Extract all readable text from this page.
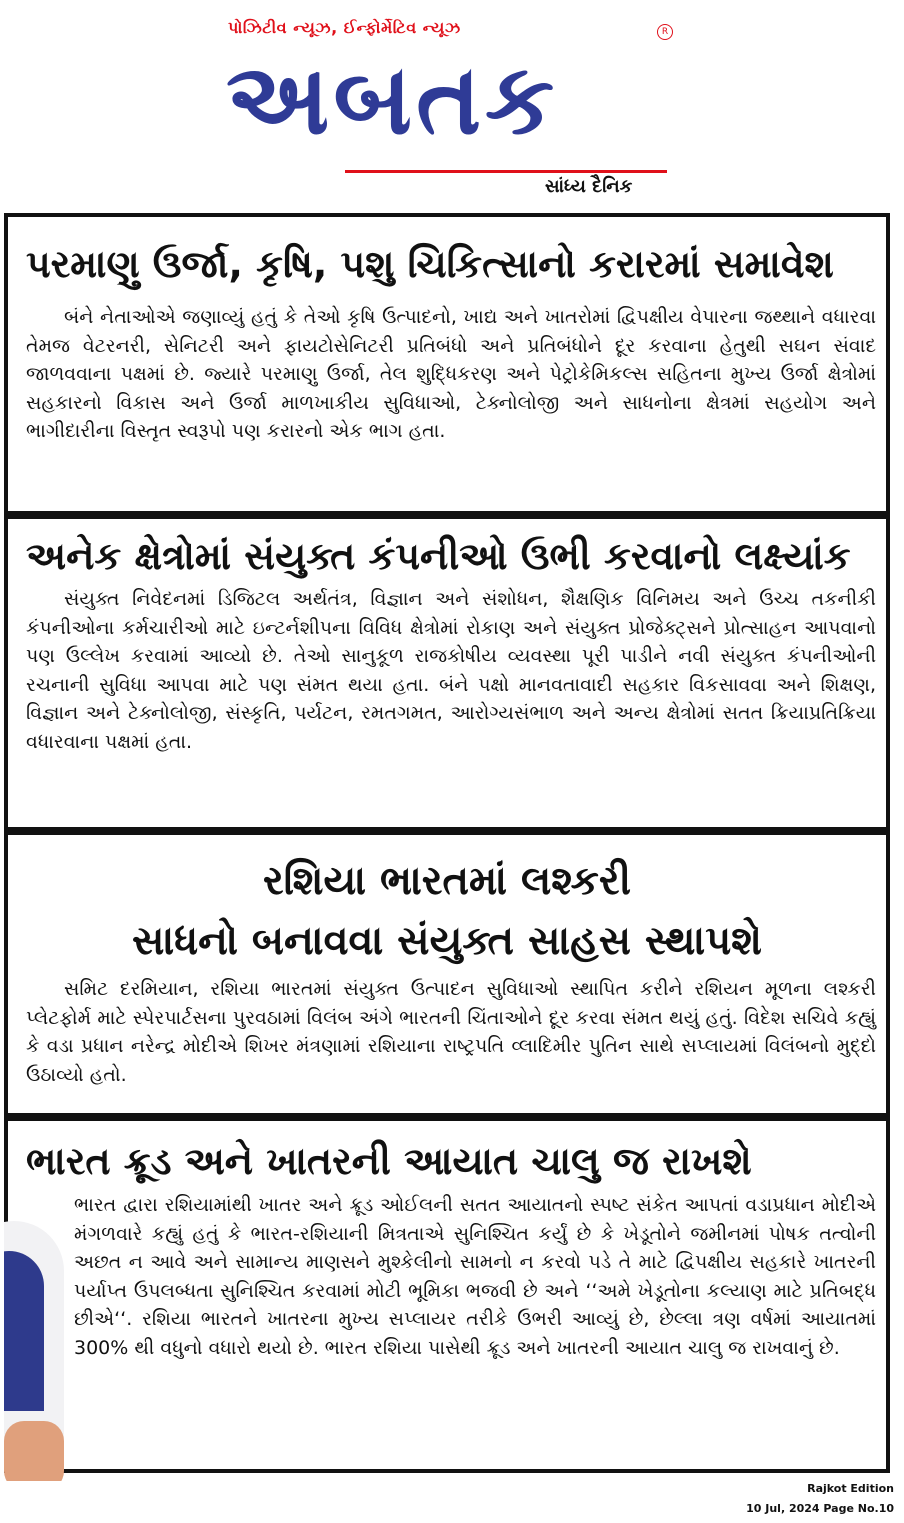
પોઝિટીવ ન્યૂઝ, ઈન્ફોર્મેટિવ ન્યૂઝ	R
અબતક
સાંધ્ય દૈનિક
પરમાણુ ઉર્જા, કૃષિ, પશુ ચિકિત્સાનો કરારમાં સમાવેશ
બંને નેતાઓએ જણાવ્યું હતું કે તેઓ કૃષિ ઉત્પાદનો, ખાદ્ય અને ખાતરોમાં દ્વિપક્ષીય વેપારના જથ્થાને વધારવા તેમજ વેટરનરી, સેનિટરી અને ફાયટોસેનિટરી પ્રતિબંધો અને પ્રતિબંધોને દૂર કરવાના હેતુથી સઘન સંવાદ જાળવવાના પક્ષમાં છે. જ્યારે પરમાણુ ઉર્જા, તેલ શુદ્ધિકરણ અને પેટ્રોકેમિકલ્સ સહિતના મુખ્ય ઉર્જા ક્ષેત્રોમાં સહકારનો વિકાસ અને ઉર્જા માળખાકીય સુવિધાઓ, ટેક્નોલોજી અને સાધનોના ક્ષેત્રમાં સહયોગ અને ભાગીદારીના વિસ્તૃત સ્વરૂપો પણ કરારનો એક ભાગ હતા.
અનેક ક્ષેત્રોમાં સંયુક્ત કંપનીઓ ઉભી કરવાનો લક્ષ્યાંક
સંયુક્ત નિવેદનમાં ડિજિટલ અર્થતંત્ર, વિજ્ઞાન અને સંશોધન, શૈક્ષણિક વિનિમય અને ઉચ્ચ તકનીકી કંપનીઓના કર્મચારીઓ માટે ઇન્ટર્નશીપના વિવિધ ક્ષેત્રોમાં રોકાણ અને સંયુક્ત પ્રોજેક્ટ્સને પ્રોત્સાહન આપવાનો પણ ઉલ્લેખ કરવામાં આવ્યો છે. તેઓ સાનુકૂળ રાજકોષીય વ્યવસ્થા પૂરી પાડીને નવી સંયુક્ત કંપનીઓની રચનાની સુવિધા આપવા માટે પણ સંમત થયા હતા. બંને પક્ષો માનવતાવાદી સહકાર વિકસાવવા અને શિક્ષણ, વિજ્ઞાન અને ટેક્નોલોજી, સંસ્કૃતિ, પર્યટન, રમતગમત, આરોગ્યસંભાળ અને અન્ય ક્ષેત્રોમાં સતત ક્રિયાપ્રતિક્રિયા વધારવાના પક્ષમાં હતા.
રશિયા ભારતમાં લશ્કરી
સાધનો બનાવવા સંયુક્ત સાહસ સ્થાપશે
સમિટ દરમિયાન, રશિયા ભારતમાં સંયુક્ત ઉત્પાદન સુવિધાઓ સ્થાપિત કરીને રશિયન મૂળના લશ્કરી પ્લેટફોર્મ માટે સ્પેરપાર્ટસના પુરવઠામાં વિલંબ અંગે ભારતની ચિંતાઓને દૂર કરવા સંમત થયું હતું. વિદેશ સચિવે કહ્યું કે વડા પ્રધાન નરેન્દ્ર મોદીએ શિખર મંત્રણામાં રશિયાના રાષ્ટ્રપતિ વ્લાદિમીર પુતિન સાથે સપ્લાયમાં વિલંબનો મુદ્દો ઉઠાવ્યો હતો.
ભારત ક્રૂડ અને ખાતરની આયાત ચાલુ જ રાખશે
ભારત દ્વારા રશિયામાંથી ખાતર અને ક્રૂડ ઓઈલની સતત આયાતનો સ્પષ્ટ સંકેત આપતાં વડાપ્રધાન મોદીએ મંગળવારે કહ્યું હતું કે ભારત-રશિયાની મિત્રતાએ સુનિશ્ચિત કર્યું છે કે ખેડૂતોને જમીનમાં પોષક તત્વોની અછત ન આવે અને સામાન્ય માણસને મુશ્કેલીનો સામનો ન કરવો પડે તે માટે દ્વિપક્ષીય સહકારે ખાતરની પર્યાપ્ત ઉપલબ્ધતા સુનિશ્ચિત કરવામાં મોટી ભૂમિકા ભજવી છે અને ‘‘અમે ખેડૂતોના કલ્યાણ માટે પ્રતિબદ્ધ છીએ‘‘. રશિયા ભારતને ખાતરના મુખ્ય સપ્લાયર તરીકે ઉભરી આવ્યું છે, છેલ્લા ત્રણ વર્ષમાં આયાતમાં 300% થી વધુનો વધારો થયો છે. ભારત રશિયા પાસેથી ક્રૂડ અને ખાતરની આયાત ચાલુ જ રાખવાનું છે.
Rajkot Edition
10 Jul, 2024 Page No.10
